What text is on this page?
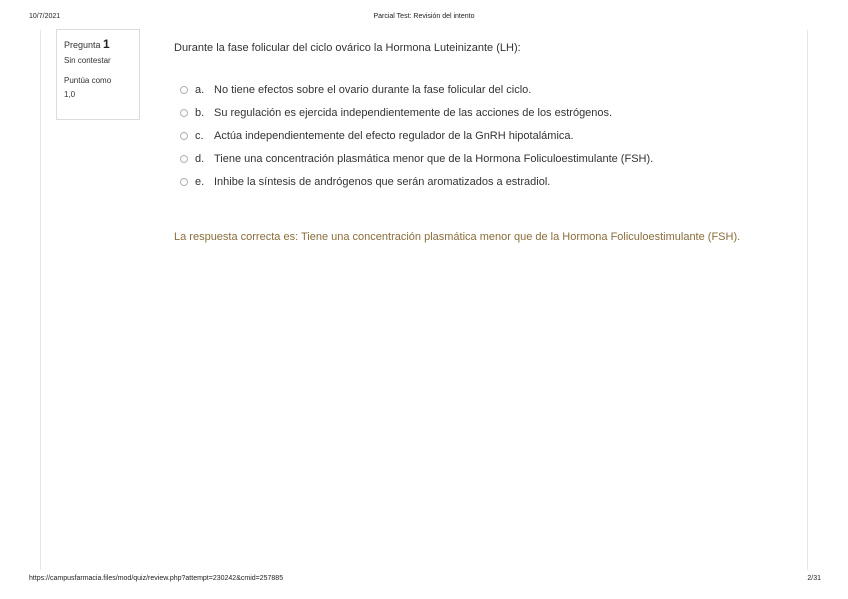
10/7/2021	Parcial Test: Revisión del intento
Pregunta 1
Sin contestar
Puntúa como
1,0
Durante la fase folicular del ciclo ovárico la Hormona Luteinizante (LH):
a. No tiene efectos sobre el ovario durante la fase folicular del ciclo.
b. Su regulación es ejercida independientemente de las acciones de los estrógenos.
c. Actúa independientemente del efecto regulador de la GnRH hipotalámica.
d. Tiene una concentración plasmática menor que de la Hormona Foliculoestimulante (FSH).
e. Inhibe la síntesis de andrógenos que serán aromatizados a estradiol.
La respuesta correcta es: Tiene una concentración plasmática menor que de la Hormona Foliculoestimulante (FSH).
https://campusfarmacia.files/mod/quiz/review.php?attempt=230242&cmid=257885	2/31
